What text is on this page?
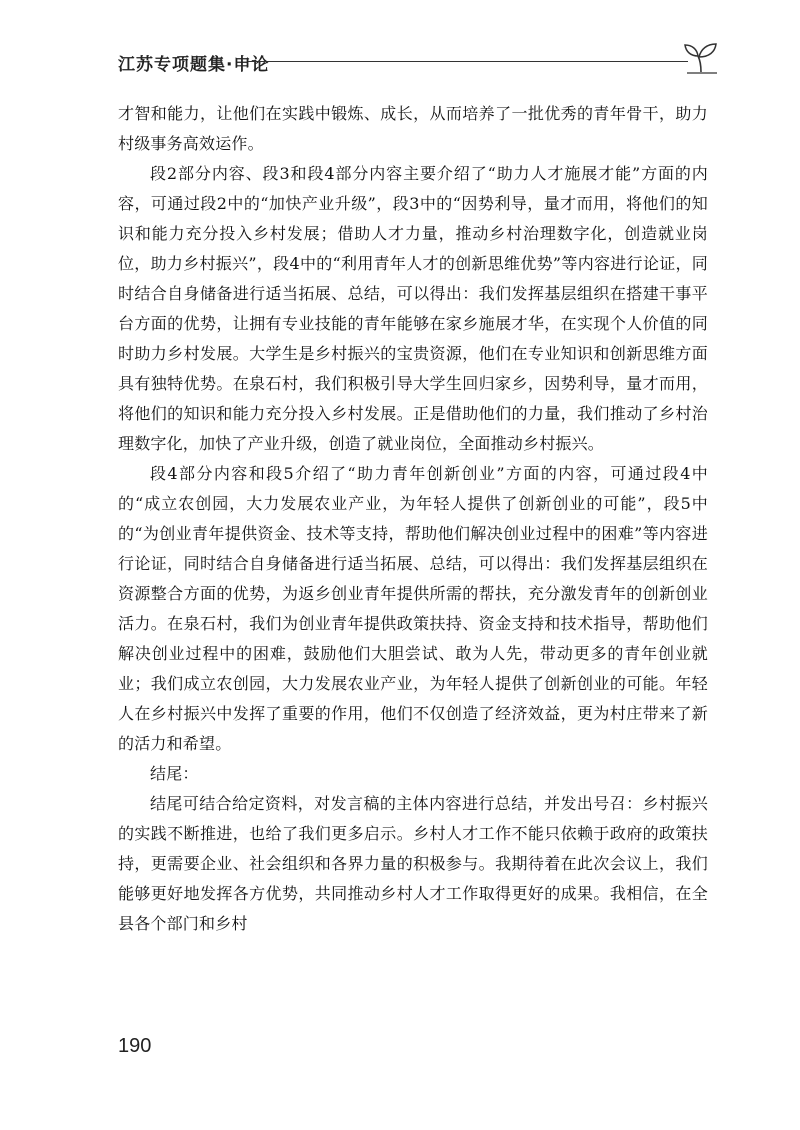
江苏专项题集·申论

才智和能力，让他们在实践中锻炼、成长，从而培养了一批优秀的青年骨干，助力村级事务高效运作。

段2部分内容、段3和段4部分内容主要介绍了“助力人才施展才能”方面的内容，可通过段2中的“加快产业升级”，段3中的“因势利导，量才而用，将他们的知识和能力充分投入乡村发展；借助人才力量，推动乡村治理数字化，创造就业岗位，助力乡村振兴”，段4中的“利用青年人才的创新思维优势”等内容进行论证，同时结合自身储备进行适当拓展、总结，可以得出：我们发挥基层组织在搭建干事平台方面的优势，让拥有专业技能的青年能够在家乡施展才华，在实现个人价值的同时助力乡村发展。大学生是乡村振兴的宝贵资源，他们在专业知识和创新思维方面具有独特优势。在泉石村，我们积极引导大学生回归家乡，因势利导，量才而用，将他们的知识和能力充分投入乡村发展。正是借助他们的力量，我们推动了乡村治理数字化，加快了产业升级，创造了就业岗位，全面推动乡村振兴。

段4部分内容和段5介绍了“助力青年创新创业”方面的内容，可通过段4中的“成立农创园，大力发展农业产业，为年轻人提供了创新创业的可能”，段5中的“为创业青年提供资金、技术等支持，帮助他们解决创业过程中的困难”等内容进行论证，同时结合自身储备进行适当拓展、总结，可以得出：我们发挥基层组织在资源整合方面的优势，为返乡创业青年提供所需的帮扶，充分激发青年的创新创业活力。在泉石村，我们为创业青年提供政策扶持、资金支持和技术指导，帮助他们解决创业过程中的困难，鼓励他们大胆尝试、敢为人先，带动更多的青年创业就业；我们成立农创园，大力发展农业产业，为年轻人提供了创新创业的可能。年轻人在乡村振兴中发挥了重要的作用，他们不仅创造了经济效益，更为村庄带来了新的活力和希望。

结尾：

结尾可结合给定资料，对发言稿的主体内容进行总结，并发出号召：乡村振兴的实践不断推进，也给了我们更多启示。乡村人才工作不能只依赖于政府的政策扶持，更需要企业、社会组织和各界力量的积极参与。我期待着在此次会议上，我们能够更好地发挥各方优势，共同推动乡村人才工作取得更好的成果。我相信，在全县各个部门和乡村

190
